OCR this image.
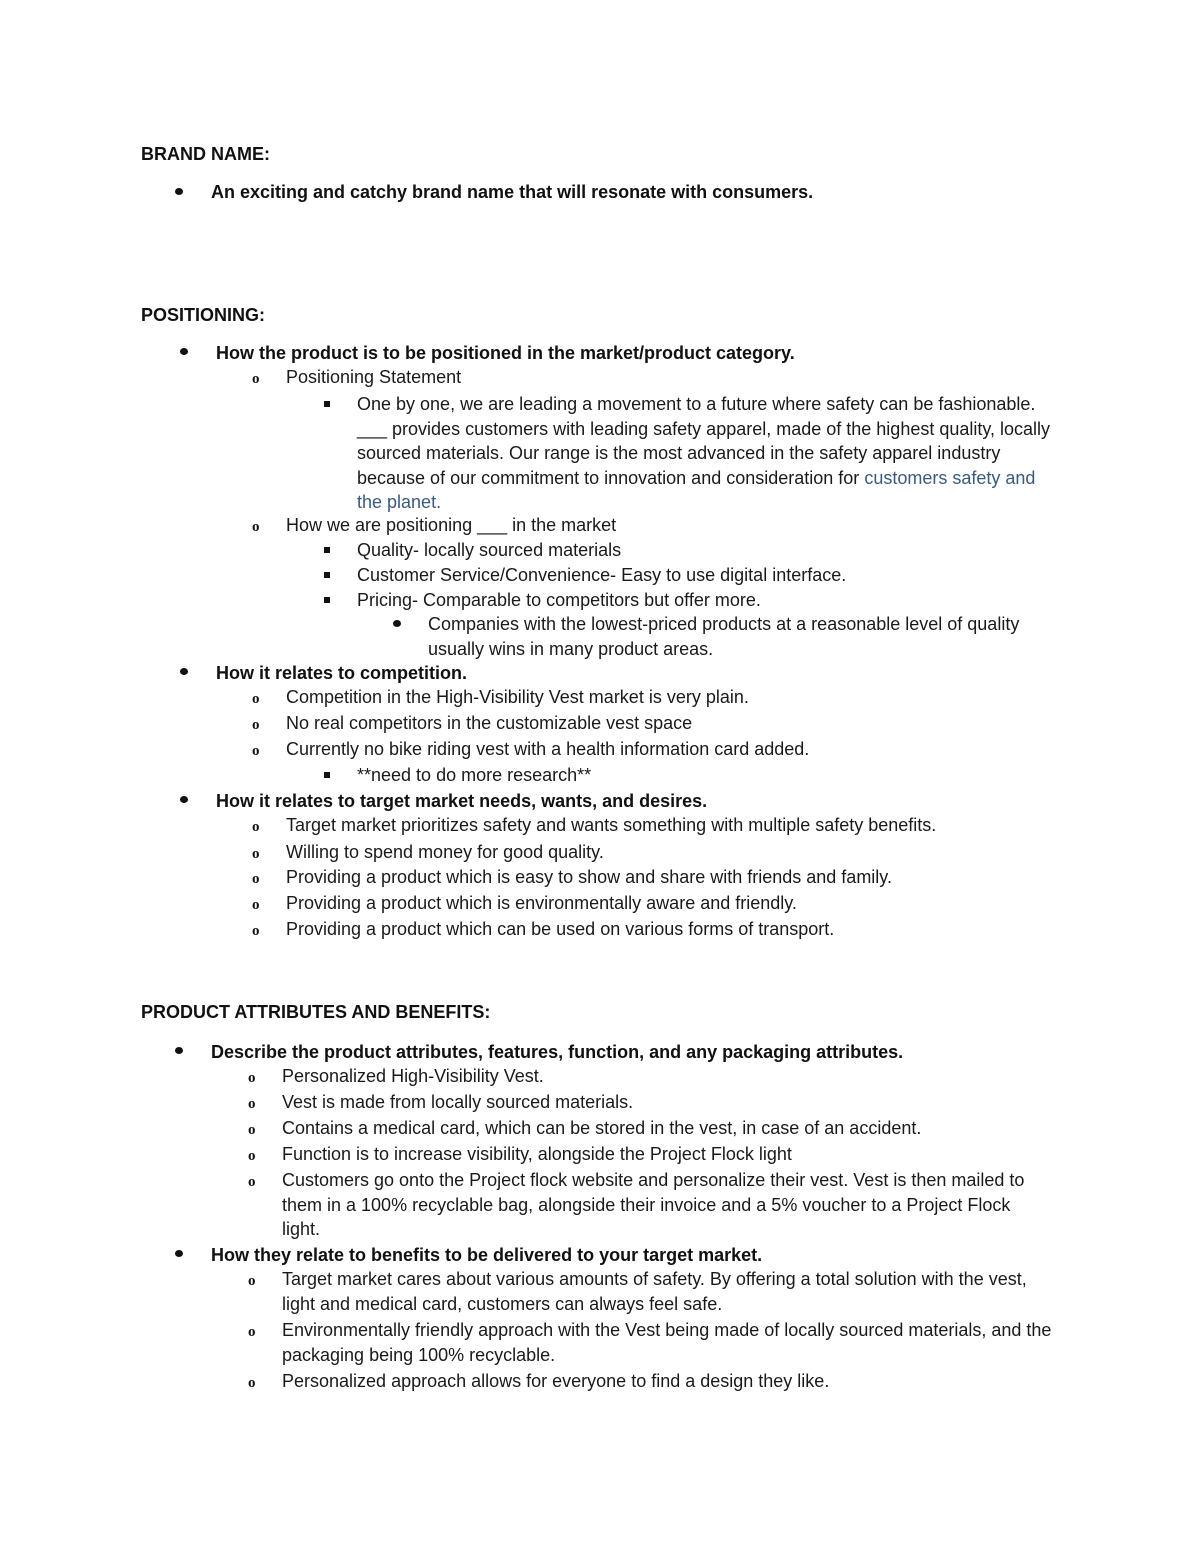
BRAND NAME:
An exciting and catchy brand name that will resonate with consumers.
POSITIONING:
How the product is to be positioned in the market/product category.
o Positioning Statement
One by one, we are leading a movement to a future where safety can be fashionable. ___ provides customers with leading safety apparel, made of the highest quality, locally sourced materials. Our range is the most advanced in the safety apparel industry because of our commitment to innovation and consideration for customers safety and the planet.
o How we are positioning ___ in the market
Quality- locally sourced materials
Customer Service/Convenience- Easy to use digital interface.
Pricing- Comparable to competitors but offer more.
Companies with the lowest-priced products at a reasonable level of quality usually wins in many product areas.
How it relates to competition.
o Competition in the High-Visibility Vest market is very plain.
o No real competitors in the customizable vest space
o Currently no bike riding vest with a health information card added.
**need to do more research**
How it relates to target market needs, wants, and desires.
o Target market prioritizes safety and wants something with multiple safety benefits.
o Willing to spend money for good quality.
o Providing a product which is easy to show and share with friends and family.
o Providing a product which is environmentally aware and friendly.
o Providing a product which can be used on various forms of transport.
PRODUCT ATTRIBUTES AND BENEFITS:
Describe the product attributes, features, function, and any packaging attributes.
o Personalized High-Visibility Vest.
o Vest is made from locally sourced materials.
o Contains a medical card, which can be stored in the vest, in case of an accident.
o Function is to increase visibility, alongside the Project Flock light
o Customers go onto the Project flock website and personalize their vest. Vest is then mailed to them in a 100% recyclable bag, alongside their invoice and a 5% voucher to a Project Flock light.
How they relate to benefits to be delivered to your target market.
o Target market cares about various amounts of safety. By offering a total solution with the vest, light and medical card, customers can always feel safe.
o Environmentally friendly approach with the Vest being made of locally sourced materials, and the packaging being 100% recyclable.
o Personalized approach allows for everyone to find a design they like.
